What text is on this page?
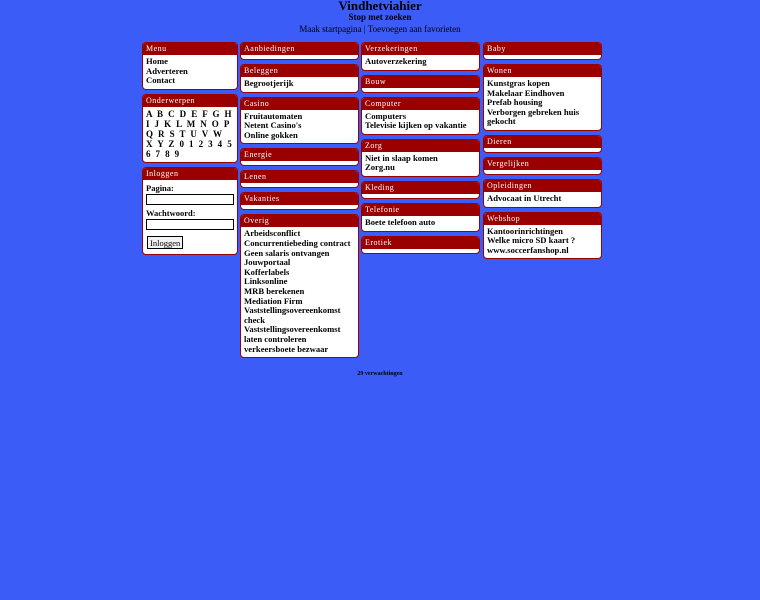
Vindhetviahier
Stop met zoeken
Maak startpagina | Toevoegen aan favorieten
Menu
Home
Adverteren
Contact
Onderwerpen
A B C D E F G H I J K L M N O P Q R S T U V W X Y Z 0 1 2 3 4 5 6 7 8 9
Inloggen
Pagina:
Wachtwoord:
Inloggen
Aanbiedingen
Beleggen
Begrootjerijk
Casino
Fruitautomaten
Netent Casino's
Online gokken
Energie
Lenen
Vakanties
Overig
Arbeidsconflict
Concurrentiebeding contract
Geen salaris ontvangen
Jouwportaal
Kofferlabels
Linksonline
MRB berekenen
Mediation Firm
Vaststellingsovereenkomst check
Vaststellingsovereenkomst laten controleren
verkeersboete bezwaar
Verzekeringen
Autoverzekering
Bouw
Computer
Computers
Televisie kijken op vakantie
Zorg
Niet in slaap komen
Zorg.nu
Kleding
Telefonie
Boete telefoon auto
Erotiek
Baby
Wonen
Kunstgras kopen
Makelaar Eindhoven
Prefab housing
Verborgen gebreken huis gekocht
Dieren
Vergelijken
Opleidingen
Advocaat in Utrecht
Webshop
Kantoorinrichtingen
Welke micro SD kaart ?
www.soccerfanshop.nl
29 verwachtingen
